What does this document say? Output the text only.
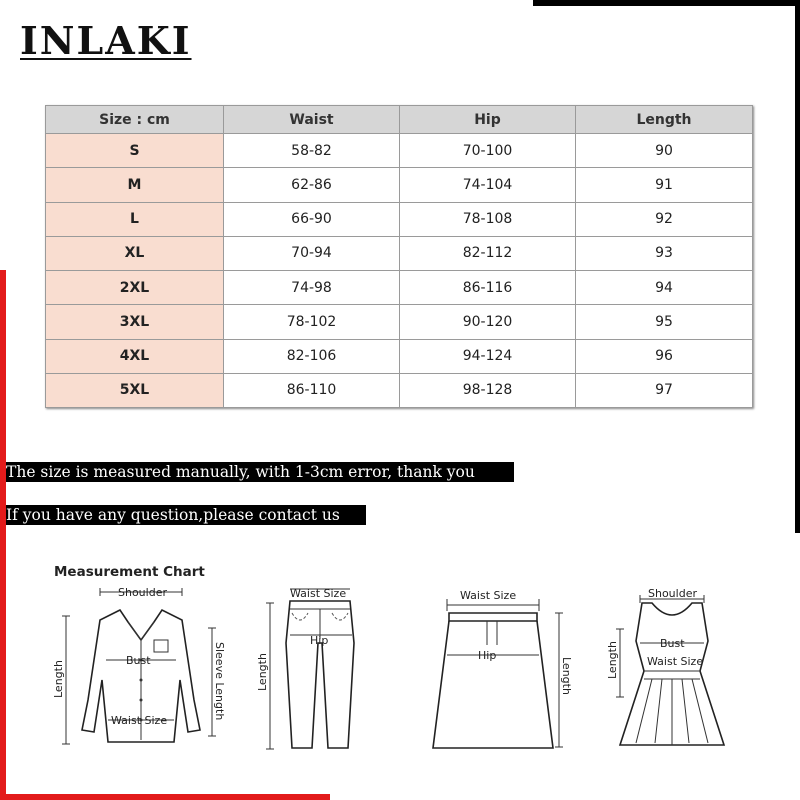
INLAKI
Size : cm	Waist	Hip	Length
S	58-82	70-100	90
M	62-86	74-104	91
L	66-90	78-108	92
XL	70-94	82-112	93
2XL	74-98	86-116	94
3XL	78-102	90-120	95
4XL	82-106	94-124	96
5XL	86-110	98-128	97
The size is measured manually, with 1-3cm error, thank you
If you have any question,please contact us
Measurement Chart
Shoulder
Bust
Waist Size
Length	Sleeve Length
Waist Size
Hip
Length
Waist Size
Hip
Length
Shoulder
Bust
Waist Size
Length
